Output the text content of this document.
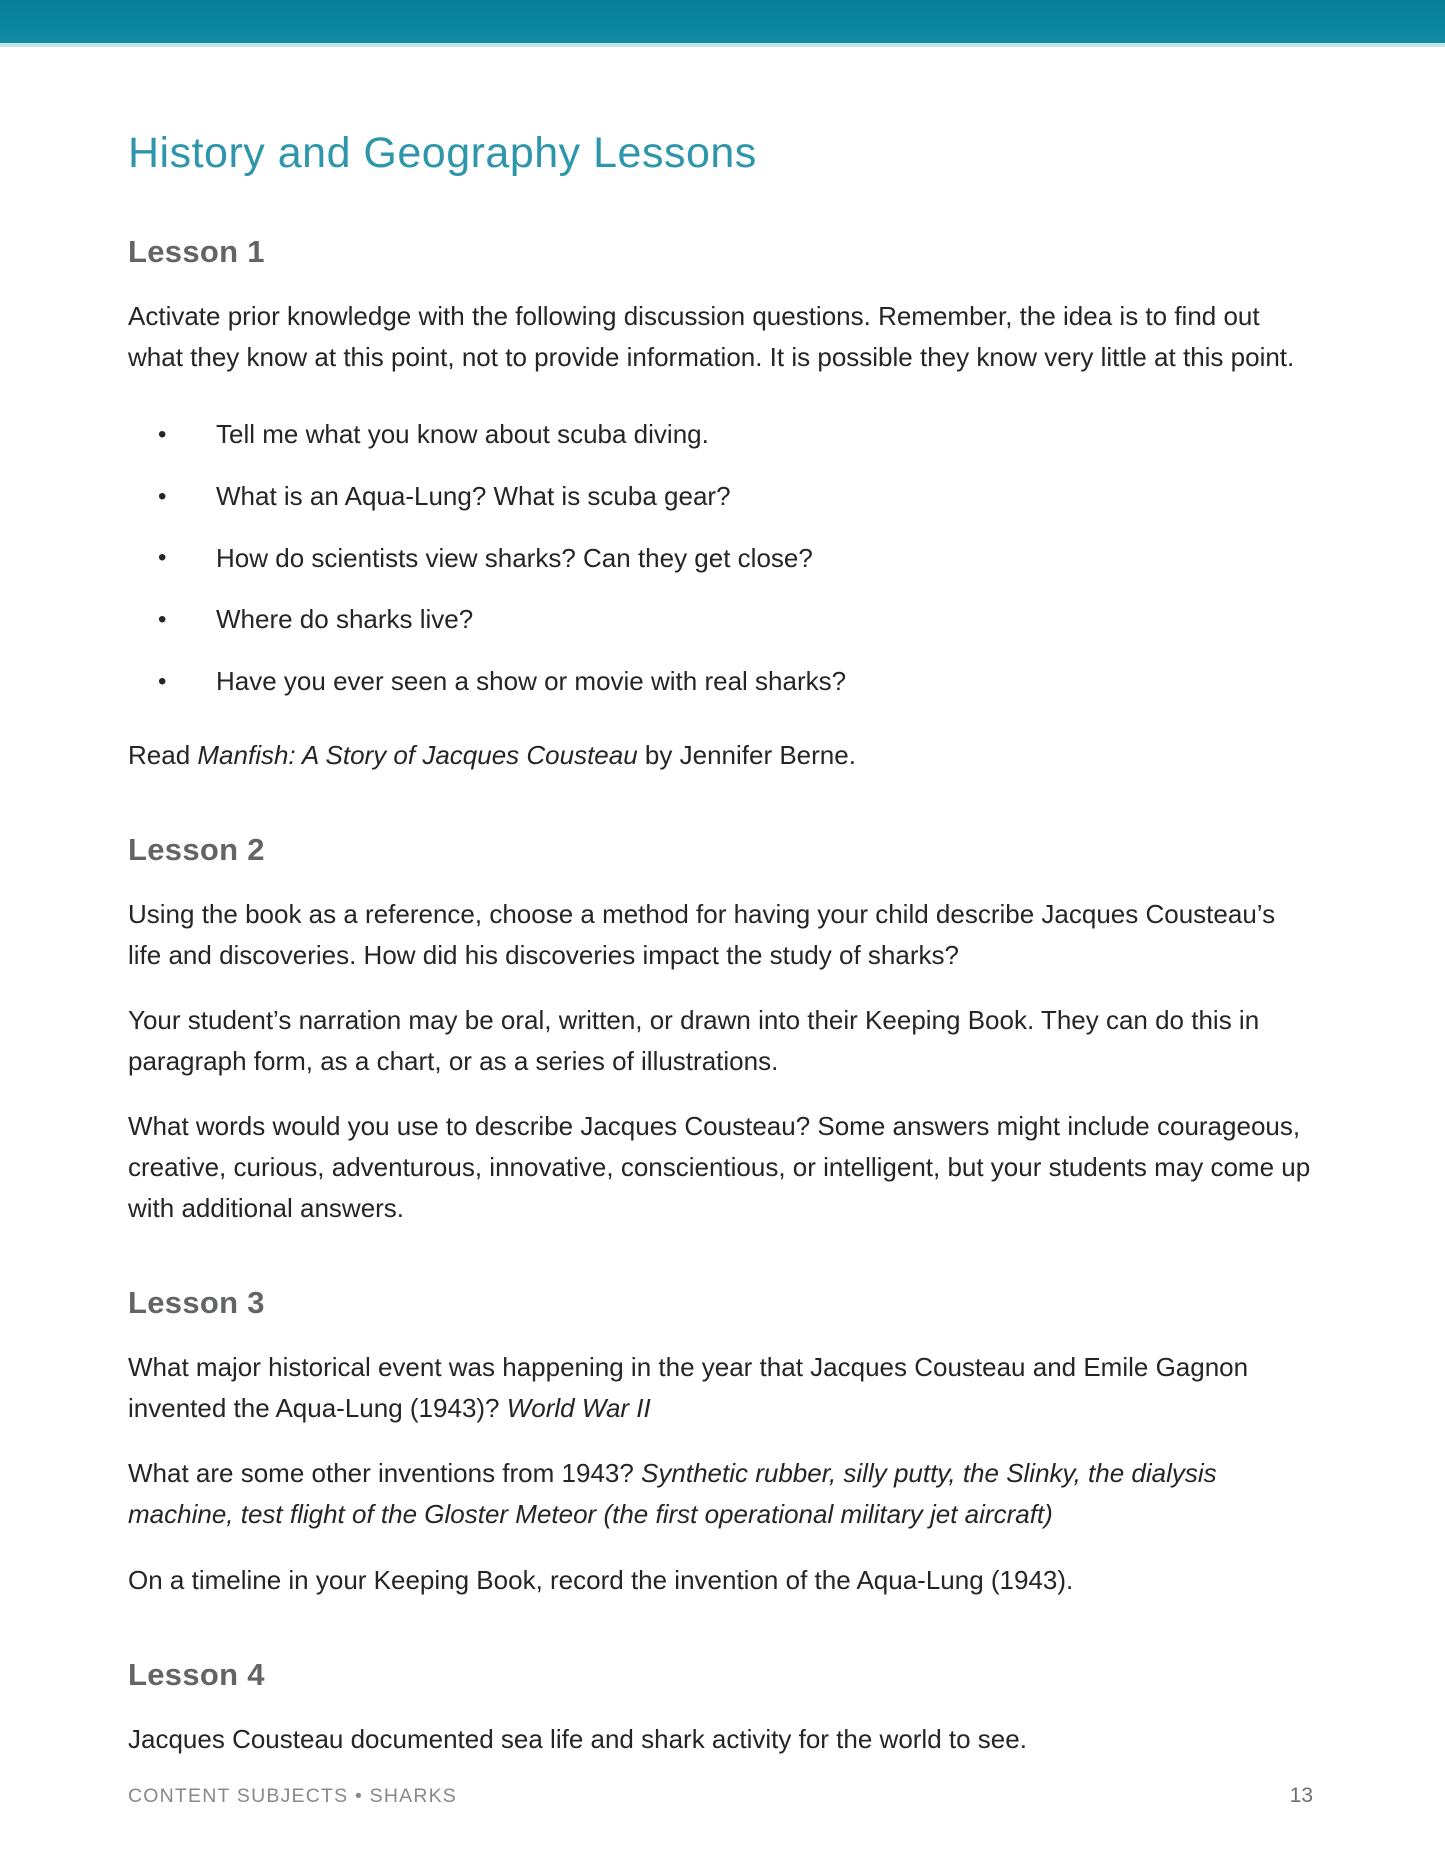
History and Geography Lessons
Lesson 1

Activate prior knowledge with the following discussion questions. Remember, the idea is to find out what they know at this point, not to provide information. It is possible they know very little at this point.

• Tell me what you know about scuba diving.
• What is an Aqua-Lung? What is scuba gear?
• How do scientists view sharks? Can they get close?
• Where do sharks live?
• Have you ever seen a show or movie with real sharks?

Read Manfish: A Story of Jacques Cousteau by Jennifer Berne.

Lesson 2

Using the book as a reference, choose a method for having your child describe Jacques Cousteau’s life and discoveries. How did his discoveries impact the study of sharks?

Your student’s narration may be oral, written, or drawn into their Keeping Book. They can do this in paragraph form, as a chart, or as a series of illustrations.

What words would you use to describe Jacques Cousteau? Some answers might include courageous, creative, curious, adventurous, innovative, conscientious, or intelligent, but your students may come up with additional answers.

Lesson 3

What major historical event was happening in the year that Jacques Cousteau and Emile Gagnon invented the Aqua-Lung (1943)? World War II

What are some other inventions from 1943? Synthetic rubber, silly putty, the Slinky, the dialysis machine, test flight of the Gloster Meteor (the first operational military jet aircraft)

On a timeline in your Keeping Book, record the invention of the Aqua-Lung (1943).

Lesson 4

Jacques Cousteau documented sea life and shark activity for the world to see.

CONTENT SUBJECTS • SHARKS	13
